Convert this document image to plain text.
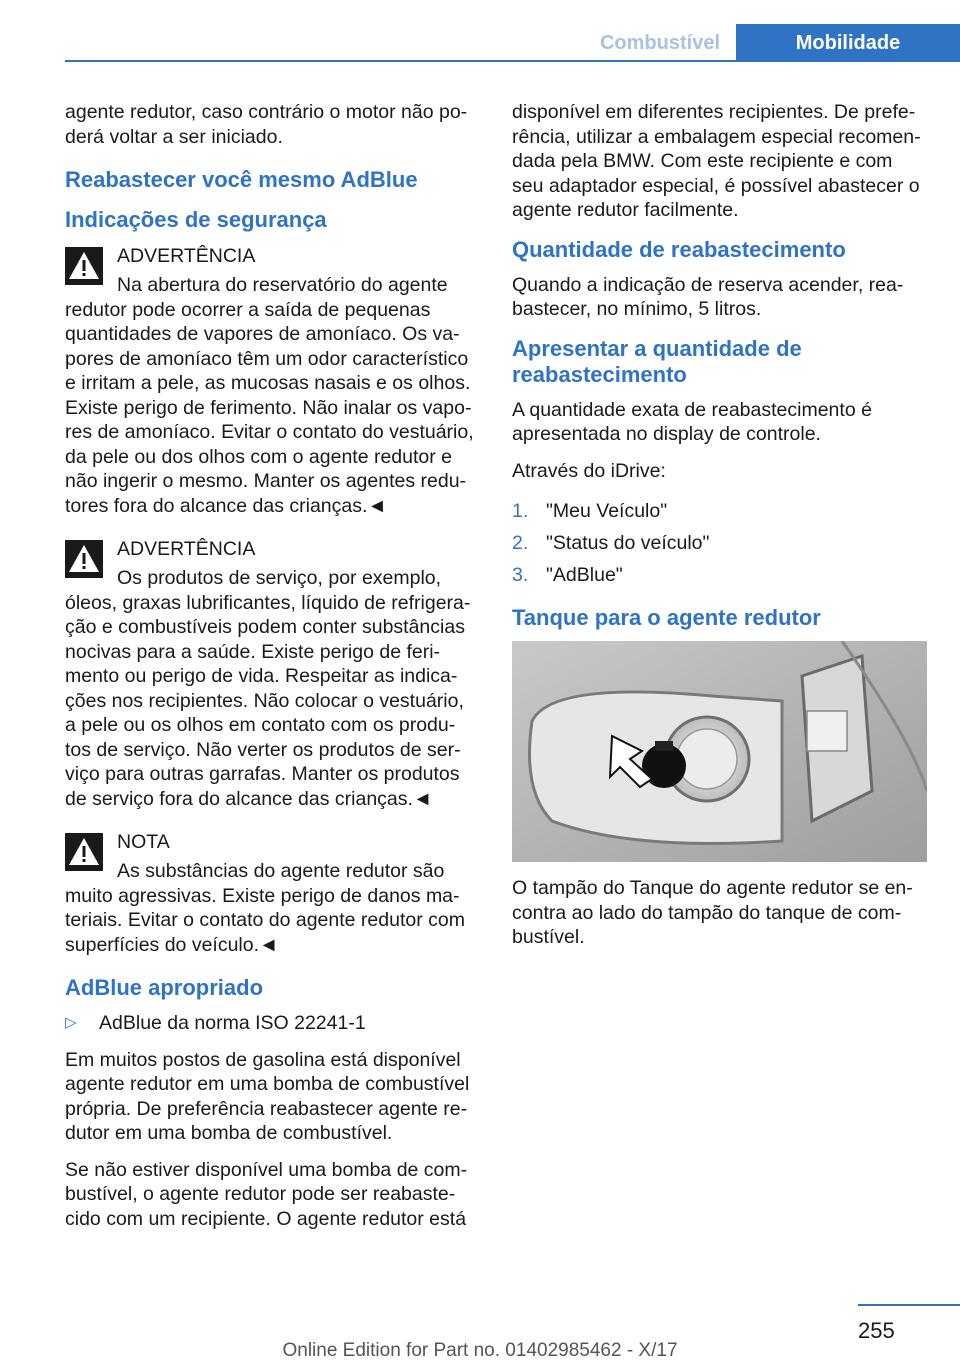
Combustível	Mobilidade

agente redutor, caso contrário o motor não po- derá voltar a ser iniciado.

Reabastecer você mesmo AdBlue
Indicações de segurança
ADVERTÊNCIA

Na abertura do reservatório do agente redutor pode ocorrer a saída de pequenas quantidades de vapores de amoníaco. Os va- pores de amoníaco têm um odor característico e irritam a pele, as mucosas nasais e os olhos. Existe perigo de ferimento. Não inalar os vapo- res de amoníaco. Evitar o contato do vestuário, da pele ou dos olhos com o agente redutor e não ingerir o mesmo. Manter os agentes redu- tores fora do alcance das crianças.◄

ADVERTÊNCIA

Os produtos de serviço, por exemplo, óleos, graxas lubrificantes, líquido de refrigera- ção e combustíveis podem conter substâncias nocivas para a saúde. Existe perigo de feri- mento ou perigo de vida. Respeitar as indica- ções nos recipientes. Não colocar o vestuário, a pele ou os olhos em contato com os produ- tos de serviço. Não verter os produtos de ser- viço para outras garrafas. Manter os produtos de serviço fora do alcance das crianças.◄

NOTA

As substâncias do agente redutor são muito agressivas. Existe perigo de danos ma- teriais. Evitar o contato do agente redutor com superfícies do veículo.◄

AdBlue apropriado
▷	AdBlue da norma ISO 22241‑1

Em muitos postos de gasolina está disponível agente redutor em uma bomba de combustível própria. De preferência reabastecer agente re- dutor em uma bomba de combustível.

Se não estiver disponível uma bomba de com- bustível, o agente redutor pode ser reabaste- cido com um recipiente. O agente redutor está

disponível em diferentes recipientes. De prefe- rência, utilizar a embalagem especial recomen- dada pela BMW. Com este recipiente e com seu adaptador especial, é possível abastecer o agente redutor facilmente.

Quantidade de reabastecimento

Quando a indicação de reserva acender, rea- bastecer, no mínimo, 5 litros.

Apresentar a quantidade de reabastecimento

A quantidade exata de reabastecimento é apresentada no display de controle.

Através do iDrive:

1. "Meu Veículo"
2. "Status do veículo"
3. "AdBlue"
Tanque para o agente redutor

O tampão do Tanque do agente redutor se en- contra ao lado do tampão do tanque de com- bustível.

255
Online Edition for Part no. 01402985462 - X/17
